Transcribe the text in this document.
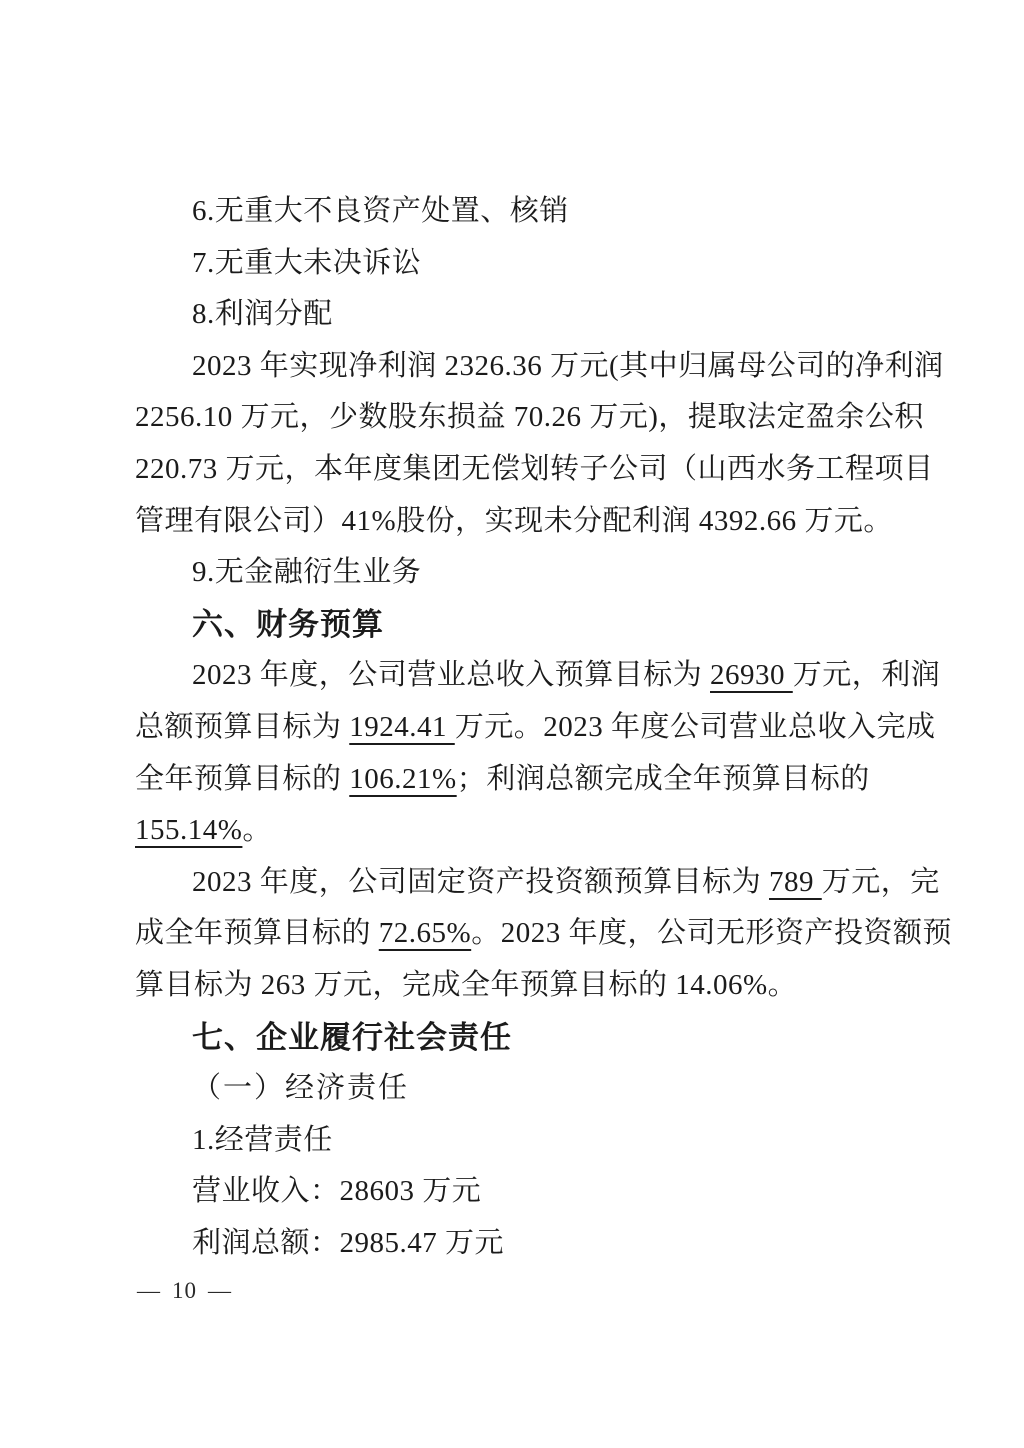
6.无重大不良资产处置、核销
7.无重大未决诉讼
8.利润分配
2023 年实现净利润 2326.36 万元(其中归属母公司的净利润
2256.10 万元，少数股东损益 70.26 万元)，提取法定盈余公积
220.73 万元，本年度集团无偿划转子公司（山西水务工程项目
管理有限公司）41%股份，实现未分配利润 4392.66 万元。
9.无金融衍生业务
六、财务预算
2023 年度，公司营业总收入预算目标为 26930 万元，利润
总额预算目标为 1924.41 万元。2023 年度公司营业总收入完成
全年预算目标的 106.21%；利润总额完成全年预算目标的
155.14%。
2023 年度，公司固定资产投资额预算目标为 789 万元，完
成全年预算目标的 72.65%。2023 年度，公司无形资产投资额预
算目标为 263 万元，完成全年预算目标的 14.06%。
七、企业履行社会责任
（一）经济责任
1.经营责任
营业收入：28603 万元
利润总额：2985.47 万元
— 10 —
